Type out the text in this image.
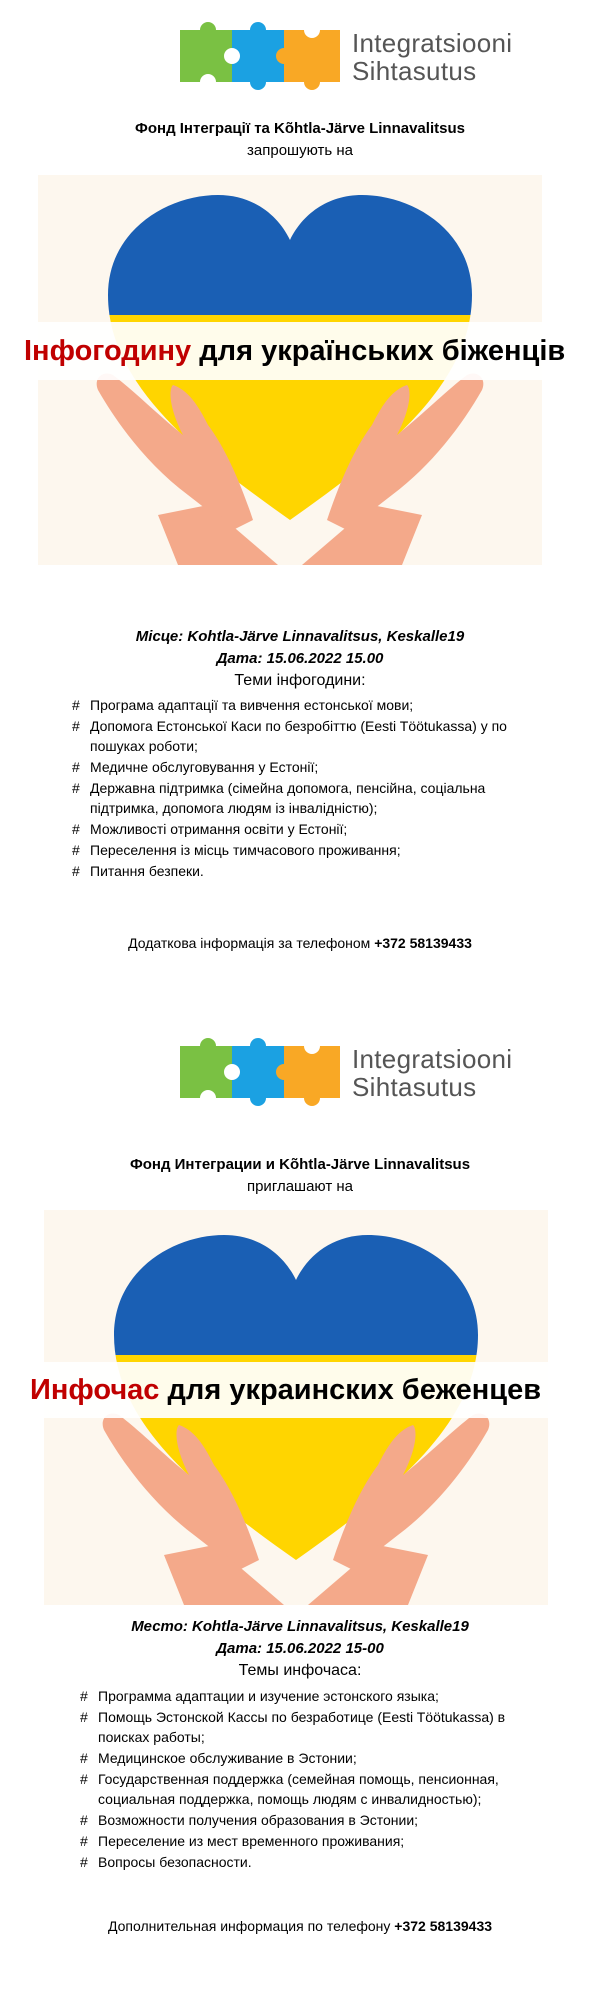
Integratsiooni
Sihtasutus
Фонд Інтеграції та Kõhtla-Järve Linnavalitsus
запрошують на
Інфогодину для українських біженців
Місце: Kohtla-Järve Linnavalitsus, Keskalle19
Дата: 15.06.2022 15.00
Теми інфогодини:
# Програма адаптації та вивчення естонської мови;
# Допомога Естонської Каси по безробіттю (Eesti Töötukassa) у по пошуках роботи;
# Медичне обслуговування у Естонії;
# Державна підтримка (сімейна допомога, пенсійна, соціальна підтримка, допомога людям із інвалідністю);
# Можливості отримання освіти у Естонії;
# Переселення із місць тимчасового проживання;
# Питання безпеки.
Додаткова інформація за телефоном +372 58139433
Integratsiooni
Sihtasutus
Фонд Интеграции и Kõhtla-Järve Linnavalitsus
приглашают на
Инфочас для украинских беженцев
Место: Kohtla-Järve Linnavalitsus, Keskalle19
Дата: 15.06.2022 15-00
Темы инфочаса:
# Программа адаптации и изучение эстонского языка;
# Помощь Эстонской Кассы по безработице (Eesti Töötukassa) в поисках работы;
# Медицинское обслуживание в Эстонии;
# Государственная поддержка (семейная помощь, пенсионная, социальная поддержка, помощь людям с инвалидностью);
# Возможности получения образования в Эстонии;
# Переселение из мест временного проживания;
# Вопросы безопасности.
Дополнительная информация по телефону +372 58139433
